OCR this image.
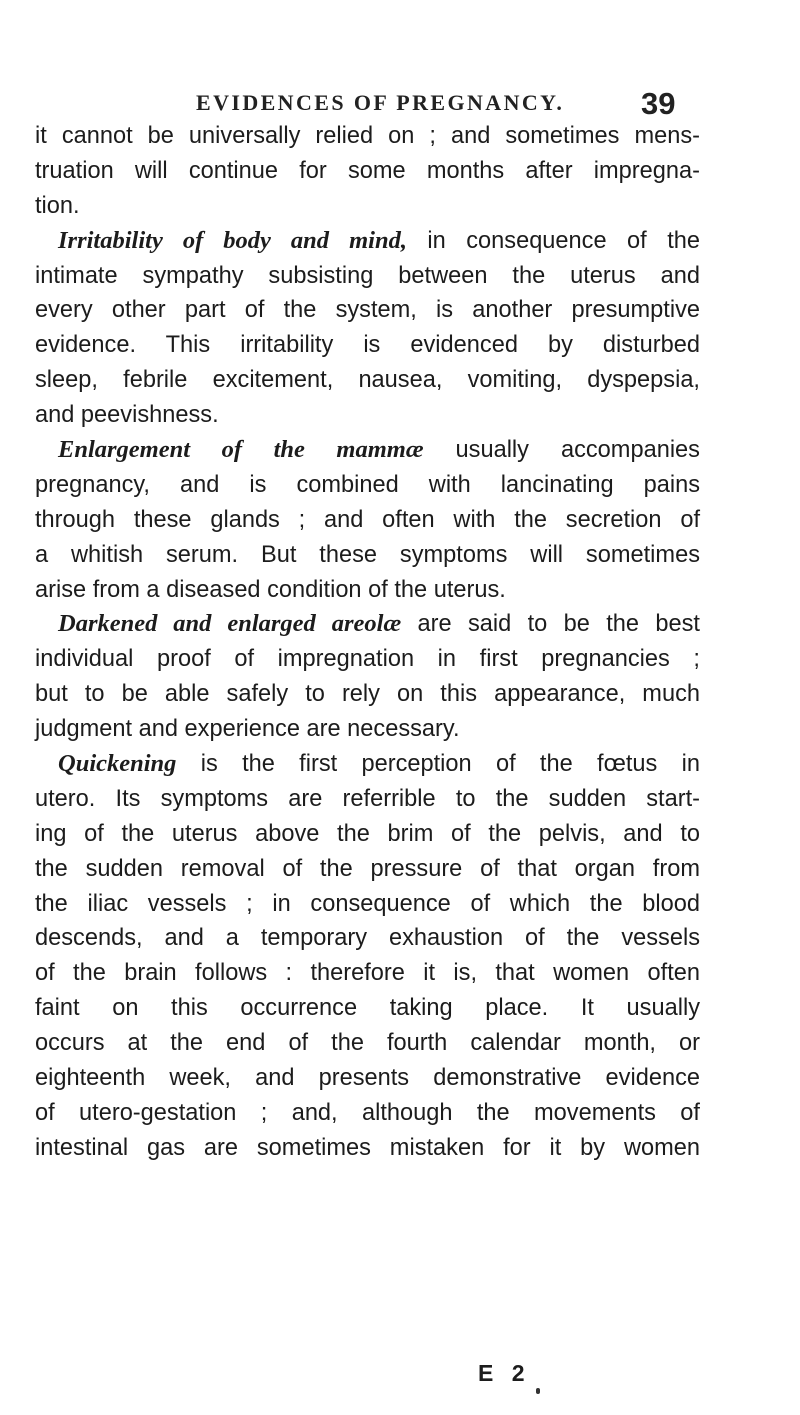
EVIDENCES OF PREGNANCY. 39
it cannot be universally relied on ; and sometimes mens-
truation will continue for some months after impregna-
tion.
Irritability of body and mind, in consequence of the
intimate sympathy subsisting between the uterus and
every other part of the system, is another presumptive
evidence. This irritability is evidenced by disturbed
sleep, febrile excitement, nausea, vomiting, dyspepsia,
and peevishness.
Enlargement of the mammæ usually accompanies
pregnancy, and is combined with lancinating pains
through these glands ; and often with the secretion of
a whitish serum. But these symptoms will sometimes
arise from a diseased condition of the uterus.
Darkened and enlarged areolæ are said to be the best
individual proof of impregnation in first pregnancies ;
but to be able safely to rely on this appearance, much
judgment and experience are necessary.
Quickening is the first perception of the fœtus in
utero. Its symptoms are referrible to the sudden start-
ing of the uterus above the brim of the pelvis, and to
the sudden removal of the pressure of that organ from
the iliac vessels ; in consequence of which the blood
descends, and a temporary exhaustion of the vessels
of the brain follows : therefore it is, that women often
faint on this occurrence taking place. It usually
occurs at the end of the fourth calendar month, or
eighteenth week, and presents demonstrative evidence
of utero-gestation ; and, although the movements of
intestinal gas are sometimes mistaken for it by women
E 2
